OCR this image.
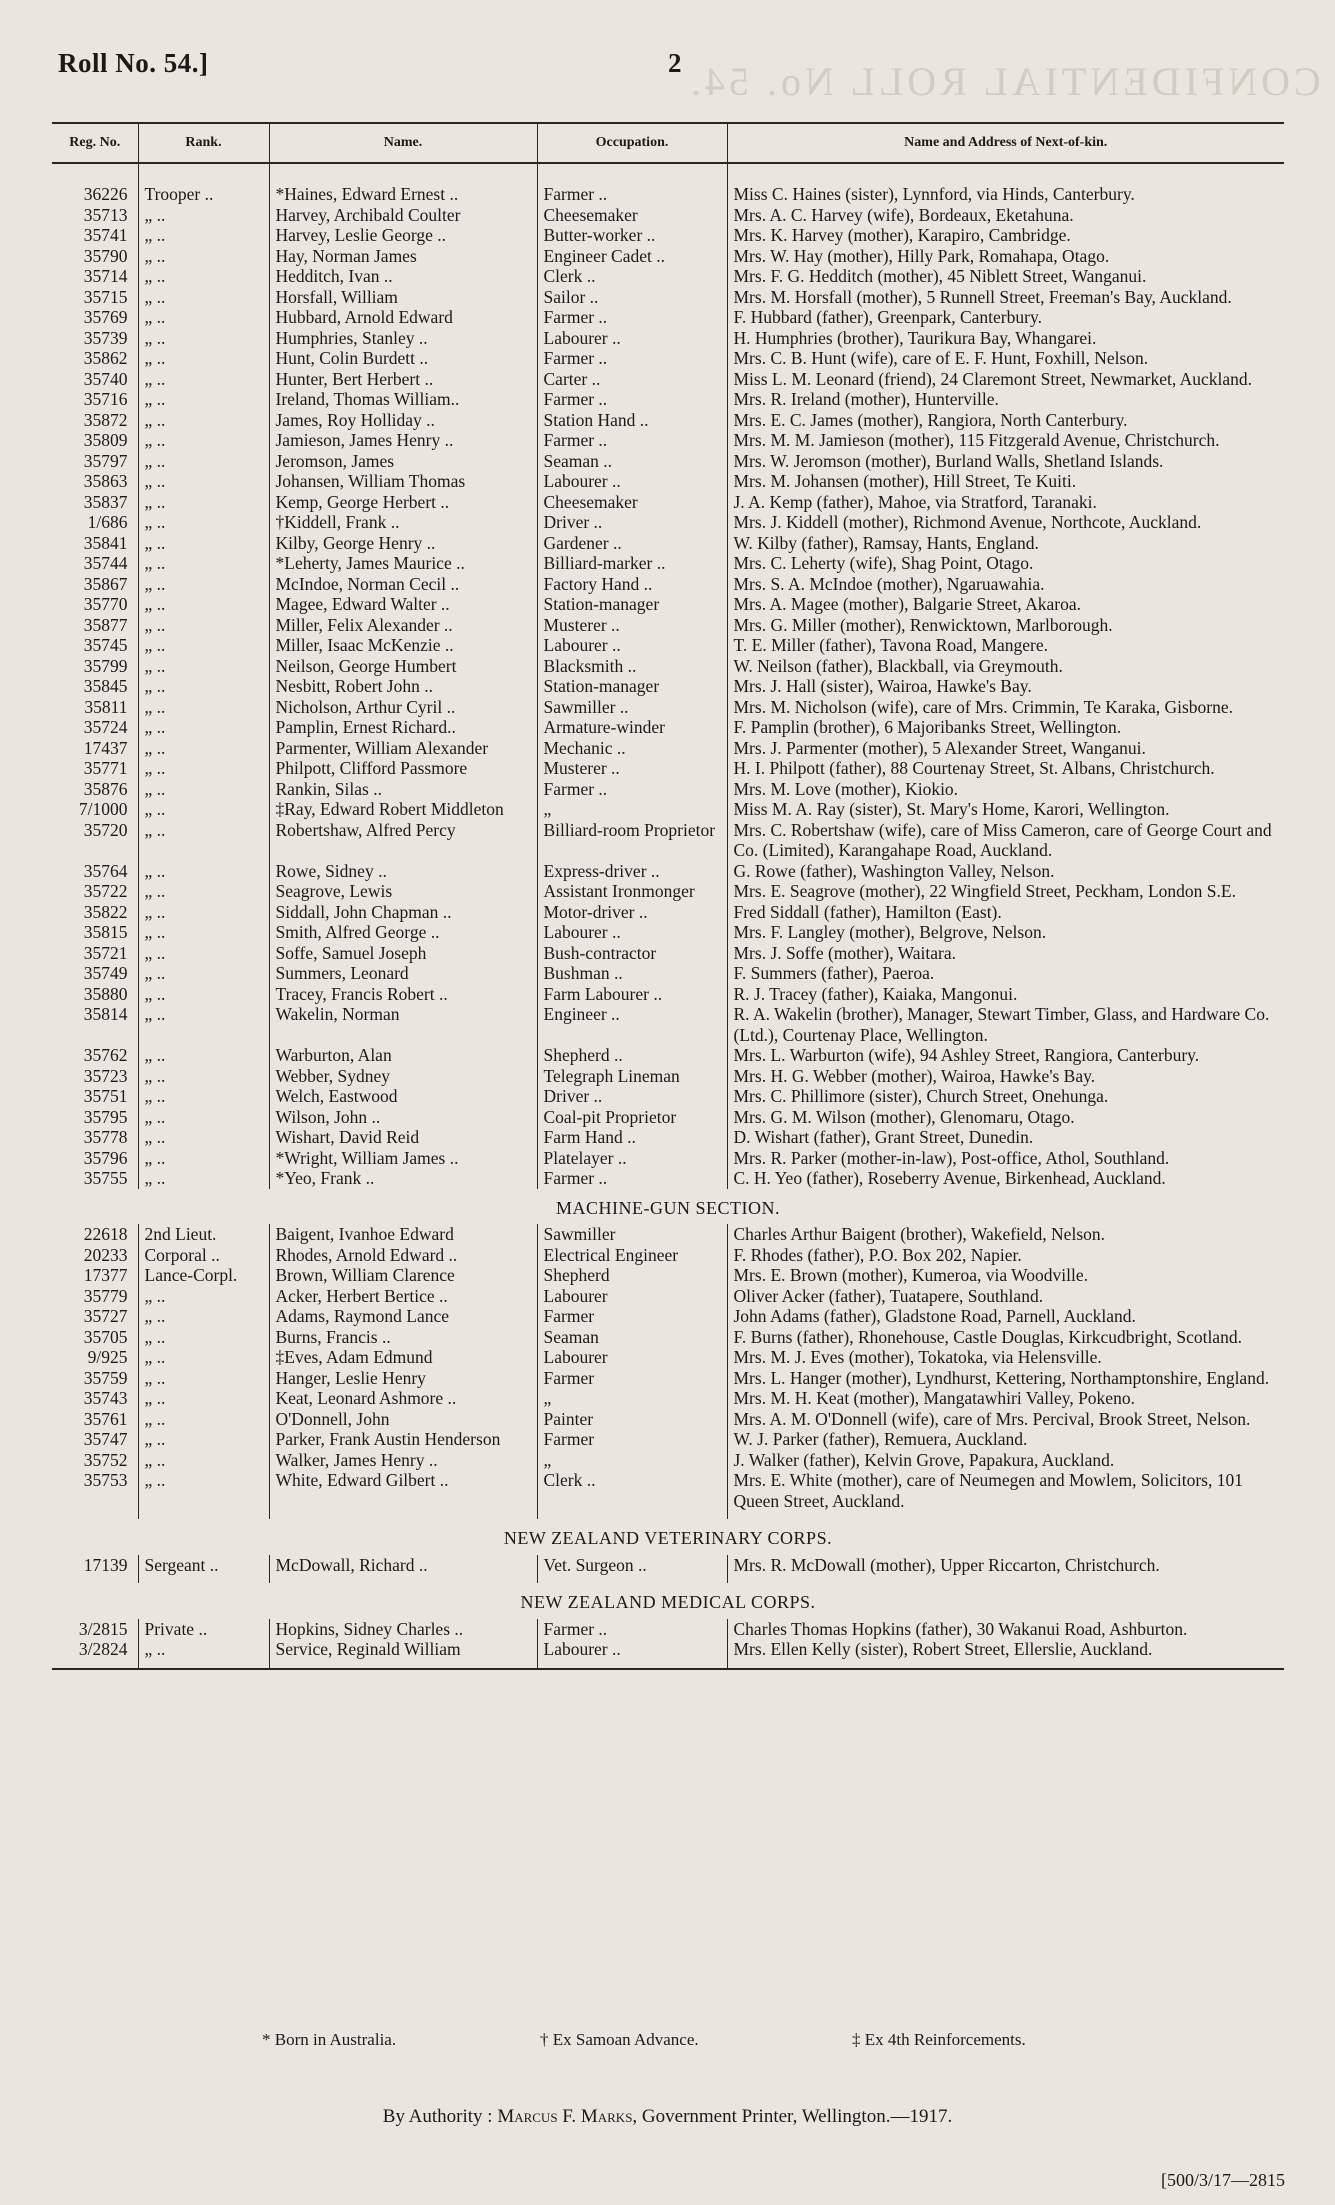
Roll No. 54.]	2 CONFIDENTIAL ROLL No. 54.
Reg. No.	Rank.	Name.	Occupation.	Name and Address of Next-of-kin.

36226	Trooper ..	*Haines, Edward Ernest ..	Farmer ..	Miss C. Haines (sister), Lynnford, via Hinds, Canterbury.
35713	„ ..	Harvey, Archibald Coulter	Cheesemaker	Mrs. A. C. Harvey (wife), Bordeaux, Eketahuna.
35741	„ ..	Harvey, Leslie George ..	Butter-worker ..	Mrs. K. Harvey (mother), Karapiro, Cambridge.
35790	„ ..	Hay, Norman James	Engineer Cadet ..	Mrs. W. Hay (mother), Hilly Park, Romahapa, Otago.
35714	„ ..	Hedditch, Ivan ..	Clerk ..	Mrs. F. G. Hedditch (mother), 45 Niblett Street, Wanganui.
35715	„ ..	Horsfall, William	Sailor ..	Mrs. M. Horsfall (mother), 5 Runnell Street, Freeman's Bay, Auckland.
35769	„ ..	Hubbard, Arnold Edward	Farmer ..	F. Hubbard (father), Greenpark, Canterbury.
35739	„ ..	Humphries, Stanley ..	Labourer ..	H. Humphries (brother), Taurikura Bay, Whangarei.
35862	„ ..	Hunt, Colin Burdett ..	Farmer ..	Mrs. C. B. Hunt (wife), care of E. F. Hunt, Foxhill, Nelson.
35740	„ ..	Hunter, Bert Herbert ..	Carter ..	Miss L. M. Leonard (friend), 24 Claremont Street, Newmarket, Auckland.
35716	„ ..	Ireland, Thomas William..	Farmer ..	Mrs. R. Ireland (mother), Hunterville.
35872	„ ..	James, Roy Holliday ..	Station Hand ..	Mrs. E. C. James (mother), Rangiora, North Canterbury.
35809	„ ..	Jamieson, James Henry ..	Farmer ..	Mrs. M. M. Jamieson (mother), 115 Fitzgerald Avenue, Christchurch.
35797	„ ..	Jeromson, James	Seaman ..	Mrs. W. Jeromson (mother), Burland Walls, Shetland Islands.
35863	„ ..	Johansen, William Thomas	Labourer ..	Mrs. M. Johansen (mother), Hill Street, Te Kuiti.
35837	„ ..	Kemp, George Herbert ..	Cheesemaker	J. A. Kemp (father), Mahoe, via Stratford, Taranaki.
1/686	„ ..	†Kiddell, Frank ..	Driver ..	Mrs. J. Kiddell (mother), Richmond Avenue, Northcote, Auckland.
35841	„ ..	Kilby, George Henry ..	Gardener ..	W. Kilby (father), Ramsay, Hants, England.
35744	„ ..	*Leherty, James Maurice ..	Billiard-marker ..	Mrs. C. Leherty (wife), Shag Point, Otago.
35867	„ ..	McIndoe, Norman Cecil ..	Factory Hand ..	Mrs. S. A. McIndoe (mother), Ngaruawahia.
35770	„ ..	Magee, Edward Walter ..	Station-manager	Mrs. A. Magee (mother), Balgarie Street, Akaroa.
35877	„ ..	Miller, Felix Alexander ..	Musterer ..	Mrs. G. Miller (mother), Renwicktown, Marlborough.
35745	„ ..	Miller, Isaac McKenzie ..	Labourer ..	T. E. Miller (father), Tavona Road, Mangere.
35799	„ ..	Neilson, George Humbert	Blacksmith ..	W. Neilson (father), Blackball, via Greymouth.
35845	„ ..	Nesbitt, Robert John ..	Station-manager	Mrs. J. Hall (sister), Wairoa, Hawke's Bay.
35811	„ ..	Nicholson, Arthur Cyril ..	Sawmiller ..	Mrs. M. Nicholson (wife), care of Mrs. Crimmin, Te Karaka, Gisborne.
35724	„ ..	Pamplin, Ernest Richard..	Armature-winder	F. Pamplin (brother), 6 Majoribanks Street, Wellington.
17437	„ ..	Parmenter, William Alexander	Mechanic ..	Mrs. J. Parmenter (mother), 5 Alexander Street, Wanganui.
35771	„ ..	Philpott, Clifford Passmore	Musterer ..	H. I. Philpott (father), 88 Courtenay Street, St. Albans, Christchurch.
35876	„ ..	Rankin, Silas ..	Farmer ..	Mrs. M. Love (mother), Kiokio.
7/1000	„ ..	‡Ray, Edward Robert Middleton	„	Miss M. A. Ray (sister), St. Mary's Home, Karori, Wellington.
35720	„ ..	Robertshaw, Alfred Percy	Billiard-room Proprietor	Mrs. C. Robertshaw (wife), care of Miss Cameron, care of George Court and Co. (Limited), Karangahape Road, Auckland.
35764	„ ..	Rowe, Sidney ..	Express-driver ..	G. Rowe (father), Washington Valley, Nelson.
35722	„ ..	Seagrove, Lewis	Assistant Ironmonger	Mrs. E. Seagrove (mother), 22 Wingfield Street, Peckham, London S.E.
35822	„ ..	Siddall, John Chapman ..	Motor-driver ..	Fred Siddall (father), Hamilton (East).
35815	„ ..	Smith, Alfred George ..	Labourer ..	Mrs. F. Langley (mother), Belgrove, Nelson.
35721	„ ..	Soffe, Samuel Joseph	Bush-contractor	Mrs. J. Soffe (mother), Waitara.
35749	„ ..	Summers, Leonard	Bushman ..	F. Summers (father), Paeroa.
35880	„ ..	Tracey, Francis Robert ..	Farm Labourer ..	R. J. Tracey (father), Kaiaka, Mangonui.
35814	„ ..	Wakelin, Norman	Engineer ..	R. A. Wakelin (brother), Manager, Stewart Timber, Glass, and Hardware Co. (Ltd.), Courtenay Place, Wellington.
35762	„ ..	Warburton, Alan	Shepherd ..	Mrs. L. Warburton (wife), 94 Ashley Street, Rangiora, Canterbury.
35723	„ ..	Webber, Sydney	Telegraph Lineman	Mrs. H. G. Webber (mother), Wairoa, Hawke's Bay.
35751	„ ..	Welch, Eastwood	Driver ..	Mrs. C. Phillimore (sister), Church Street, Onehunga.
35795	„ ..	Wilson, John ..	Coal-pit Proprietor	Mrs. G. M. Wilson (mother), Glenomaru, Otago.
35778	„ ..	Wishart, David Reid	Farm Hand ..	D. Wishart (father), Grant Street, Dunedin.
35796	„ ..	*Wright, William James ..	Platelayer ..	Mrs. R. Parker (mother-in-law), Post-office, Athol, Southland.
35755	„ ..	*Yeo, Frank ..	Farmer ..	C. H. Yeo (father), Roseberry Avenue, Birkenhead, Auckland.
MACHINE-GUN SECTION.				
22618	2nd Lieut.	Baigent, Ivanhoe Edward	Sawmiller	Charles Arthur Baigent (brother), Wakefield, Nelson.
20233	Corporal ..	Rhodes, Arnold Edward ..	Electrical Engineer	F. Rhodes (father), P.O. Box 202, Napier.
17377	Lance-Corpl.	Brown, William Clarence	Shepherd	Mrs. E. Brown (mother), Kumeroa, via Woodville.
35779	„ ..	Acker, Herbert Bertice ..	Labourer	Oliver Acker (father), Tuatapere, Southland.
35727	„ ..	Adams, Raymond Lance	Farmer	John Adams (father), Gladstone Road, Parnell, Auckland.
35705	„ ..	Burns, Francis ..	Seaman	F. Burns (father), Rhonehouse, Castle Douglas, Kirkcudbright, Scotland.
9/925	„ ..	‡Eves, Adam Edmund	Labourer	Mrs. M. J. Eves (mother), Tokatoka, via Helensville.
35759	„ ..	Hanger, Leslie Henry	Farmer	Mrs. L. Hanger (mother), Lyndhurst, Kettering, Northamptonshire, England.
35743	„ ..	Keat, Leonard Ashmore ..	„	Mrs. M. H. Keat (mother), Mangatawhiri Valley, Pokeno.
35761	„ ..	O'Donnell, John	Painter	Mrs. A. M. O'Donnell (wife), care of Mrs. Percival, Brook Street, Nelson.
35747	„ ..	Parker, Frank Austin Henderson	Farmer	W. J. Parker (father), Remuera, Auckland.
35752	„ ..	Walker, James Henry ..	„	J. Walker (father), Kelvin Grove, Papakura, Auckland.
35753	„ ..	White, Edward Gilbert ..	Clerk ..	Mrs. E. White (mother), care of Neumegen and Mowlem, Solicitors, 101 Queen Street, Auckland.
NEW ZEALAND VETERINARY CORPS.				
17139	Sergeant ..	McDowall, Richard ..	Vet. Surgeon ..	Mrs. R. McDowall (mother), Upper Riccarton, Christchurch.
NEW ZEALAND MEDICAL CORPS.				
3/2815	Private ..	Hopkins, Sidney Charles ..	Farmer ..	Charles Thomas Hopkins (father), 30 Wakanui Road, Ashburton.
3/2824	„ ..	Service, Reginald William	Labourer ..	Mrs. Ellen Kelly (sister), Robert Street, Ellerslie, Auckland.

* Born in Australia.	† Ex Samoan Advance.	‡ Ex 4th Reinforcements.
By Authority : Marcus F. Marks, Government Printer, Wellington.—1917.
[500/3/17—2815
